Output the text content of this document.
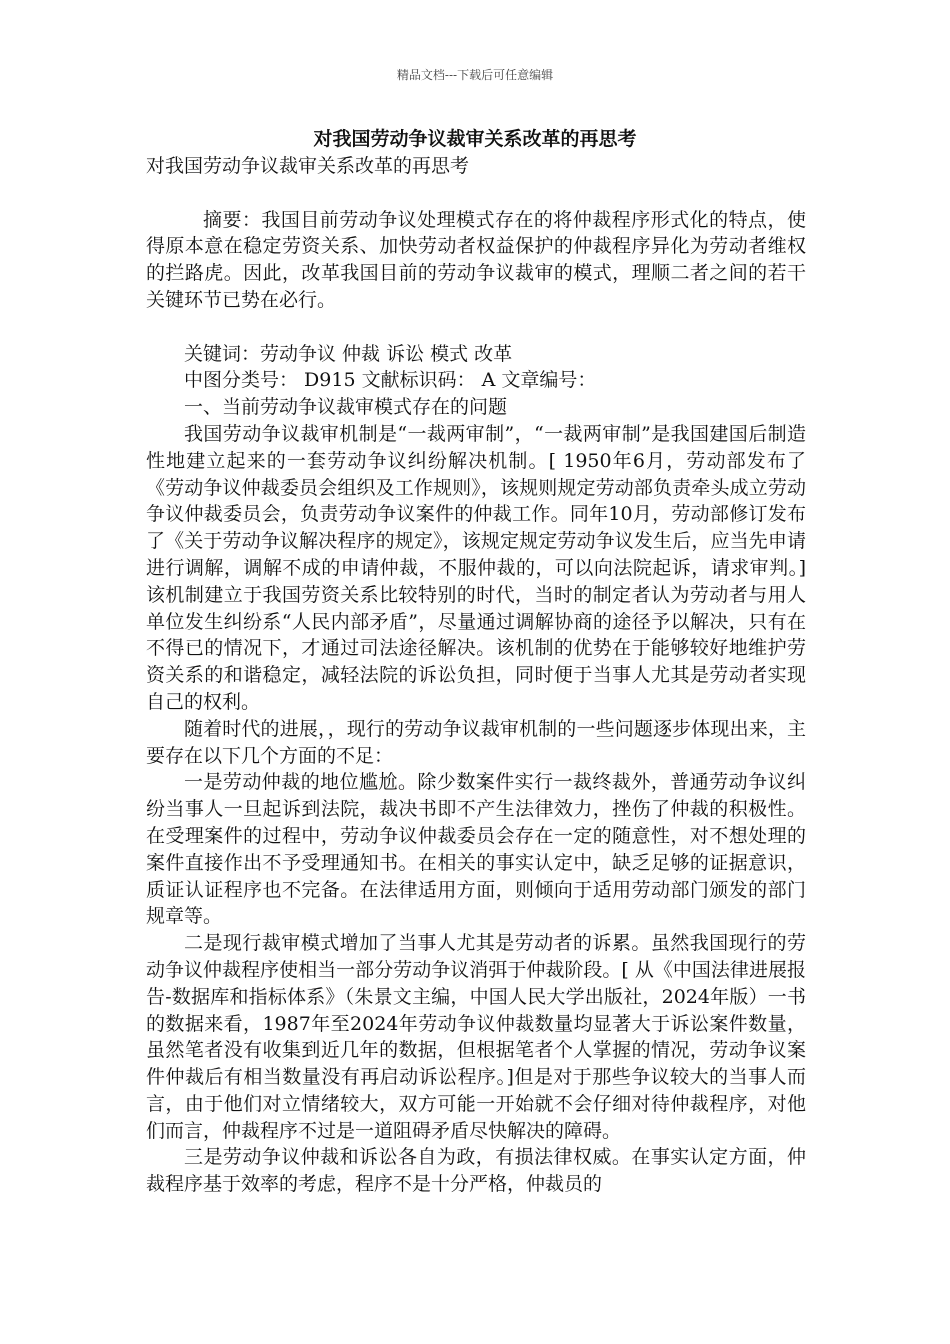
精品文档---下载后可任意编辑
对我国劳动争议裁审关系改革的再思考

对我国劳动争议裁审关系改革的再思考

摘要：我国目前劳动争议处理模式存在的将仲裁程序形式化的特点，使得原本意在稳定劳资关系、加快劳动者权益保护的仲裁程序异化为劳动者维权的拦路虎。因此，改革我国目前的劳动争议裁审的模式，理顺二者之间的若干关键环节已势在必行。

关键词：劳动争议 仲裁 诉讼 模式 改革

中图分类号： D915 文献标识码： A 文章编号：

一、当前劳动争议裁审模式存在的问题

我国劳动争议裁审机制是“一裁两审制”，“一裁两审制”是我国建国后制造性地建立起来的一套劳动争议纠纷解决机制。[ 1950年6月，劳动部发布了《劳动争议仲裁委员会组织及工作规则》，该规则规定劳动部负责牵头成立劳动争议仲裁委员会，负责劳动争议案件的仲裁工作。同年10月，劳动部修订发布了《关于劳动争议解决程序的规定》，该规定规定劳动争议发生后，应当先申请进行调解，调解不成的申请仲裁，不服仲裁的，可以向法院起诉，请求审判。]该机制建立于我国劳资关系比较特别的时代，当时的制定者认为劳动者与用人单位发生纠纷系“人民内部矛盾”，尽量通过调解协商的途径予以解决，只有在不得已的情况下，才通过司法途径解决。该机制的优势在于能够较好地维护劳资关系的和谐稳定，减轻法院的诉讼负担，同时便于当事人尤其是劳动者实现自己的权利。

随着时代的进展，，现行的劳动争议裁审机制的一些问题逐步体现出来，主要存在以下几个方面的不足：

一是劳动仲裁的地位尴尬。除少数案件实行一裁终裁外，普通劳动争议纠纷当事人一旦起诉到法院，裁决书即不产生法律效力，挫伤了仲裁的积极性。在受理案件的过程中，劳动争议仲裁委员会存在一定的随意性，对不想处理的案件直接作出不予受理通知书。在相关的事实认定中，缺乏足够的证据意识，质证认证程序也不完备。在法律适用方面，则倾向于适用劳动部门颁发的部门规章等。

二是现行裁审模式增加了当事人尤其是劳动者的诉累。虽然我国现行的劳动争议仲裁程序使相当一部分劳动争议消弭于仲裁阶段。[ 从《中国法律进展报告-数据库和指标体系》（朱景文主编，中国人民大学出版社，2024年版）一书的数据来看，1987年至2024年劳动争议仲裁数量均显著大于诉讼案件数量，虽然笔者没有收集到近几年的数据，但根据笔者个人掌握的情况，劳动争议案件仲裁后有相当数量没有再启动诉讼程序。]但是对于那些争议较大的当事人而言，由于他们对立情绪较大，双方可能一开始就不会仔细对待仲裁程序，对他们而言，仲裁程序不过是一道阻碍矛盾尽快解决的障碍。

三是劳动争议仲裁和诉讼各自为政，有损法律权威。在事实认定方面，仲裁程序基于效率的考虑，程序不是十分严格，仲裁员的
